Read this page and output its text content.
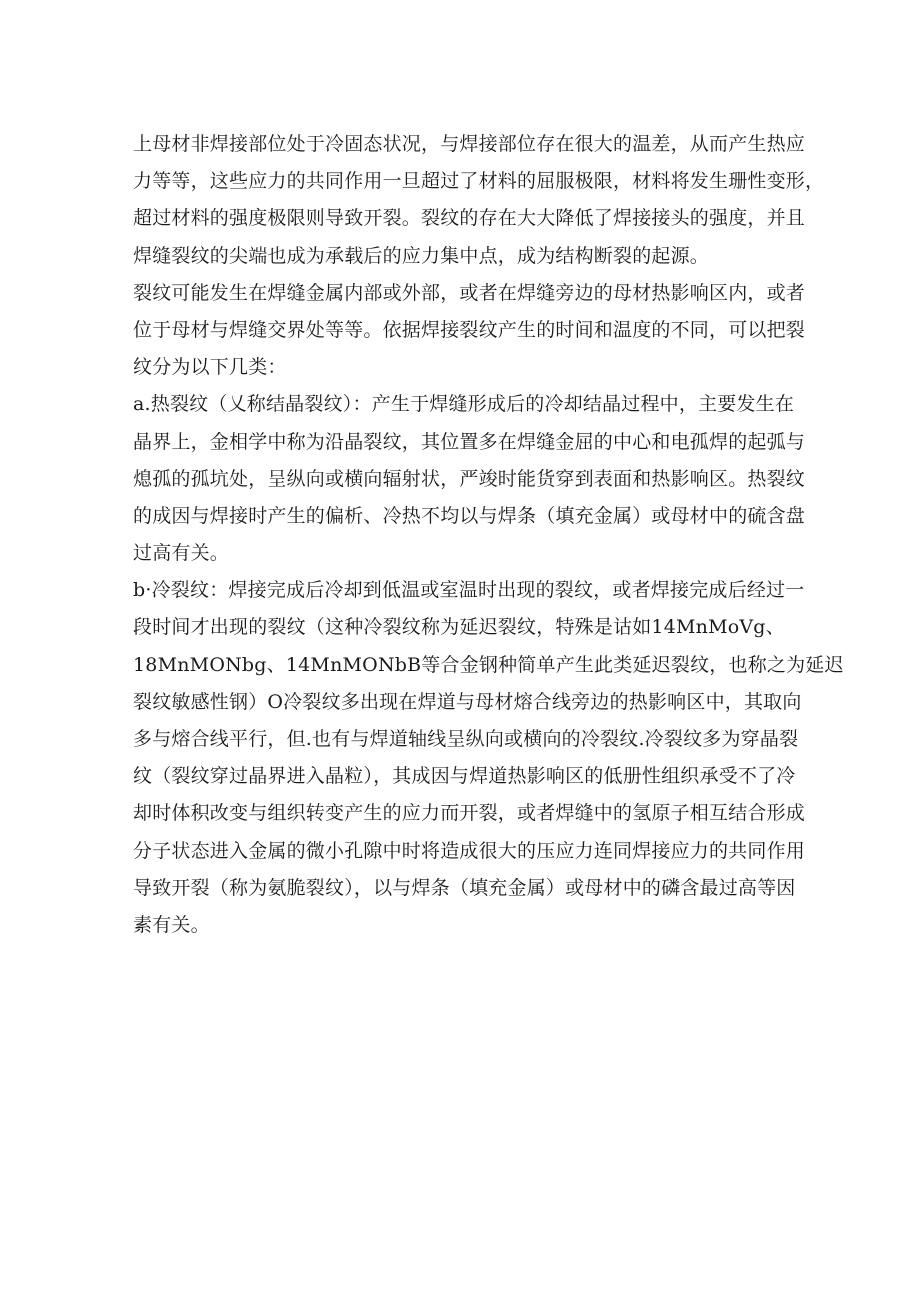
上母材非焊接部位处于冷固态状况，与焊接部位存在很大的温差，从而产生热应
力等等，这些应力的共同作用一旦超过了材料的屈服极限，材料将发生珊性变形，
超过材料的强度极限则导致开裂。裂纹的存在大大降低了焊接接头的强度，并且
焊缝裂纹的尖端也成为承载后的应力集中点，成为结构断裂的起源。
裂纹可能发生在焊缝金属内部或外部，或者在焊缝旁边的母材热影响区内，或者
位于母材与焊缝交界处等等。依据焊接裂纹产生的时间和温度的不同，可以把裂
纹分为以下几类：
a.热裂纹（乂称结晶裂纹）：产生于焊缝形成后的冷却结晶过程中，主要发生在
晶界上，金相学中称为沿晶裂纹，其位置多在焊缝金屈的中心和电孤焊的起弧与
熄孤的孤坑处，呈纵向或横向辐射状，严竣时能货穿到表面和热影响区。热裂纹
的成因与焊接时产生的偏析、冷热不均以与焊条（填充金属）或母材中的硫含盘
过高有关。
b·冷裂纹：焊接完成后冷却到低温或室温时出现的裂纹，或者焊接完成后经过一
段时间才出现的裂纹（这种冷裂纹称为延迟裂纹，特殊是诂如14MnMoVg、
18MnMONbg、14MnMONbB等合金钢种简单产生此类延迟裂纹，也称之为延迟
裂纹敏感性钢）O冷裂纹多出现在焊道与母材熔合线旁边的热影响区中，其取向
多与熔合线平行，但.也有与焊道轴线呈纵向或横向的冷裂纹.冷裂纹多为穿晶裂
纹（裂纹穿过晶界进入晶粒），其成因与焊道热影响区的低册性组织承受不了冷
却时体积改变与组织转变产生的应力而开裂，或者焊缝中的氢原子相互结合形成
分子状态进入金属的微小孔隙中时将造成很大的压应力连同焊接应力的共同作用
导致开裂（称为氨脆裂纹），以与焊条（填充金属）或母材中的磷含最过高等因
素有关。
